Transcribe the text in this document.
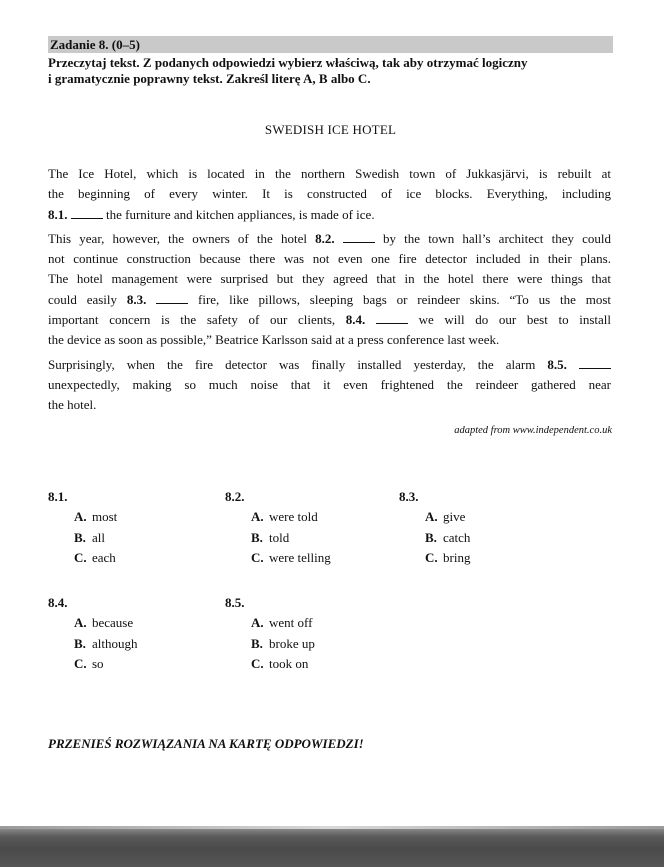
Zadanie 8. (0–5)
Przeczytaj tekst. Z podanych odpowiedzi wybierz właściwą, tak aby otrzymać logiczny
i gramatycznie poprawny tekst. Zakreśl literę A, B albo C.
SWEDISH ICE HOTEL
The Ice Hotel, which is located in the northern Swedish town of Jukkasjärvi, is rebuilt at
the beginning of every winter. It is constructed of ice blocks. Everything, including
8.1.	the furniture and kitchen appliances, is made of ice.
This year, however, the owners of the hotel 8.2.	by the town hall’s architect they could
not continue construction because there was not even one fire detector included in their plans.
The hotel management were surprised but they agreed that in the hotel there were things that
could easily 8.3.	fire, like pillows, sleeping bags or reindeer skins. “To us the most
important concern is the safety of our clients, 8.4.	we will do our best to install
the device as soon as possible,” Beatrice Karlsson said at a press conference last week.
Surprisingly, when the fire detector was finally installed yesterday, the alarm 8.5.
unexpectedly, making so much noise that it even frightened the reindeer gathered near
the hotel.
adapted from www.independent.co.uk
8.1.
A. most
B. all
C. each
8.2.
A. were told
B. told
C. were telling
8.3.
A. give
B. catch
C. bring
8.4.
A. because
B. although
C. so
8.5.
A. went off
B. broke up
C. took on
PRZENIEŚ ROZWIĄZANIA NA KARTĘ ODPOWIEDZI!
